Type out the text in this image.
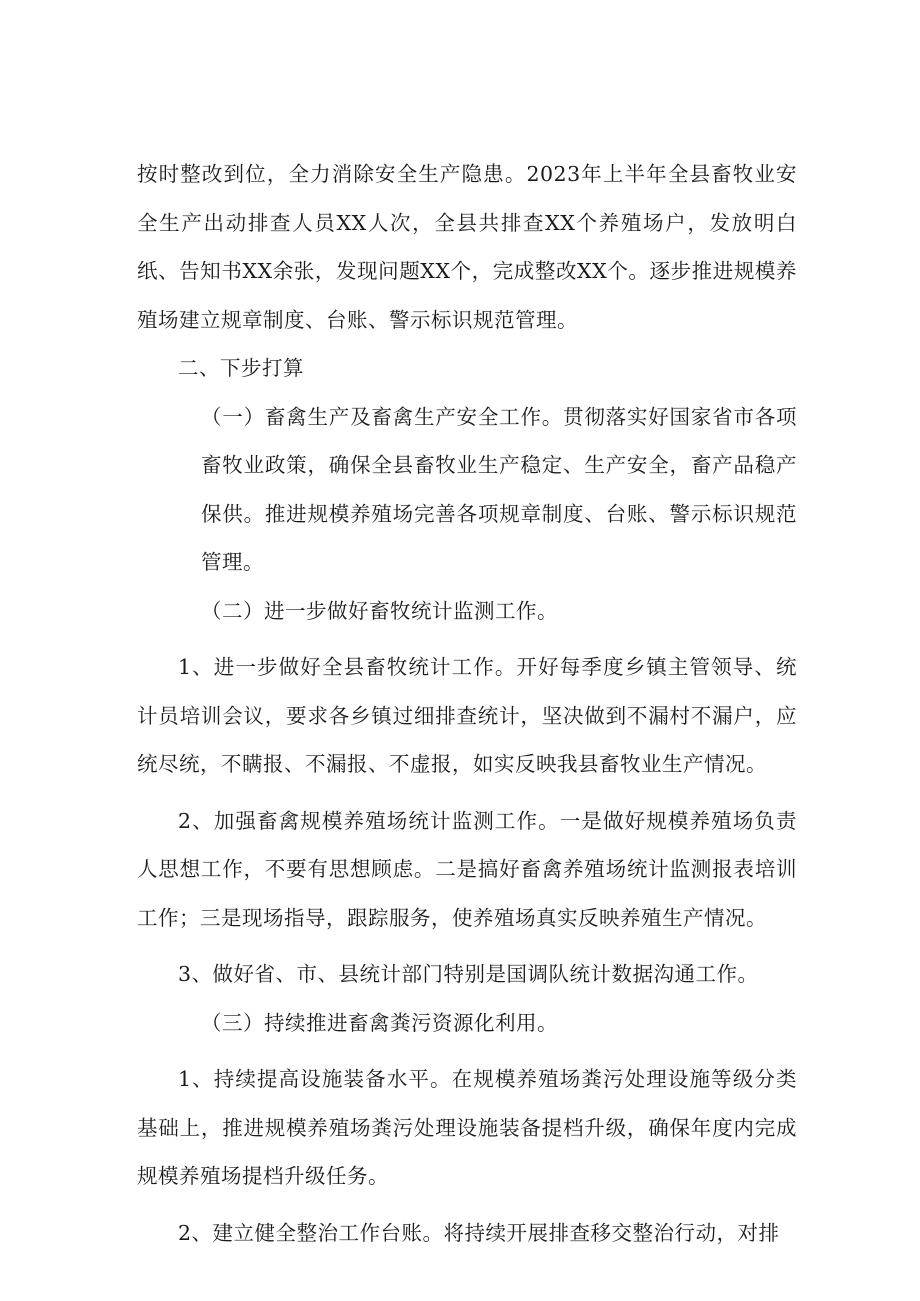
按时整改到位，全力消除安全生产隐患。2023年上半年全县畜牧业安全生产出动排查人员XX人次，全县共排查XX个养殖场户，发放明白纸、告知书XX余张，发现问题XX个，完成整改XX个。逐步推进规模养殖场建立规章制度、台账、警示标识规范管理。

二、下步打算

（一）畜禽生产及畜禽生产安全工作。贯彻落实好国家省市各项畜牧业政策，确保全县畜牧业生产稳定、生产安全，畜产品稳产保供。推进规模养殖场完善各项规章制度、台账、警示标识规范管理。

（二）进一步做好畜牧统计监测工作。

1、进一步做好全县畜牧统计工作。开好每季度乡镇主管领导、统计员培训会议，要求各乡镇过细排查统计，坚决做到不漏村不漏户，应统尽统，不瞒报、不漏报、不虚报，如实反映我县畜牧业生产情况。

2、加强畜禽规模养殖场统计监测工作。一是做好规模养殖场负责人思想工作，不要有思想顾虑。二是搞好畜禽养殖场统计监测报表培训工作；三是现场指导，跟踪服务，使养殖场真实反映养殖生产情况。

3、做好省、市、县统计部门特别是国调队统计数据沟通工作。

（三）持续推进畜禽粪污资源化利用。

1、持续提高设施装备水平。在规模养殖场粪污处理设施等级分类基础上，推进规模养殖场粪污处理设施装备提档升级，确保年度内完成规模养殖场提档升级任务。

2、建立健全整治工作台账。将持续开展排查移交整治行动，对排
